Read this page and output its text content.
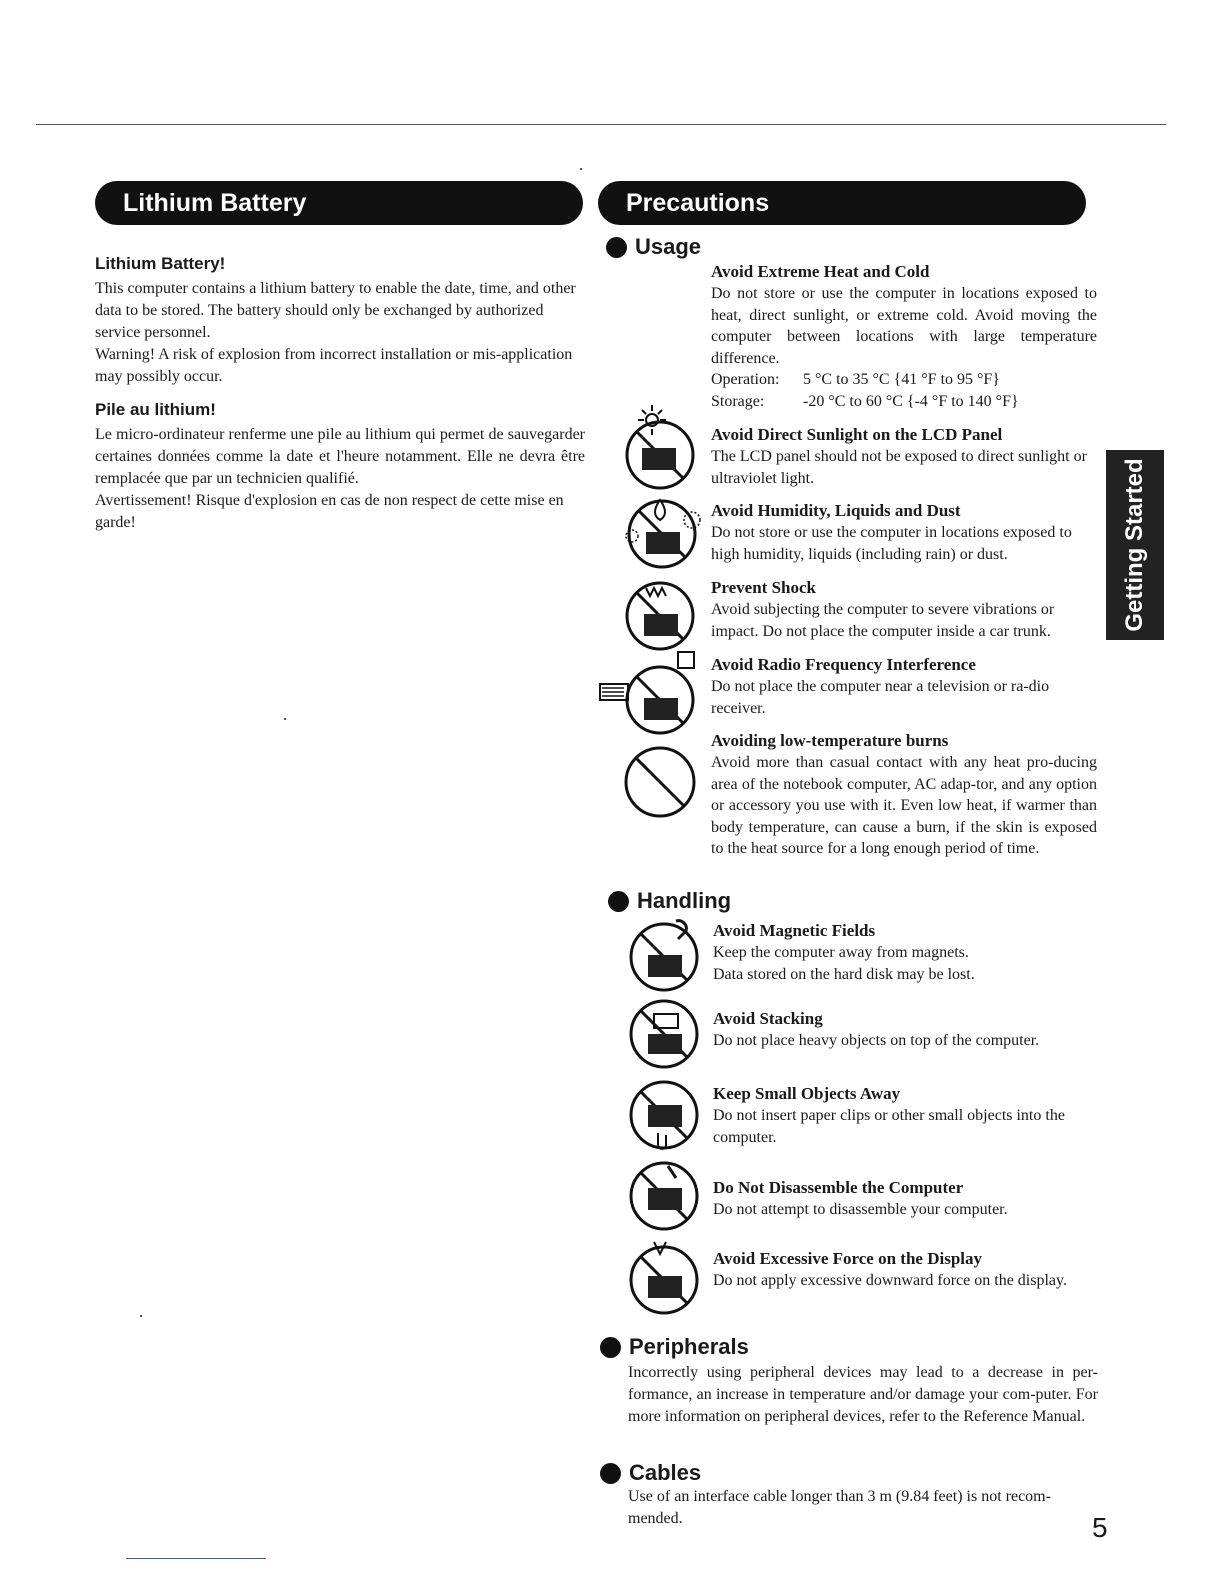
Lithium Battery
Lithium Battery!

This computer contains a lithium battery to enable the date, time, and other data to be stored. The battery should only be exchanged by authorized service personnel.

Warning! A risk of explosion from incorrect installation or mis-application may possibly occur.

Pile au lithium!

Le micro-ordinateur renferme une pile au lithium qui permet de sauvegarder certaines données comme la date et l'heure notamment. Elle ne devra être remplacée que par un technicien qualifié.

Avertissement! Risque d'explosion en cas de non respect de cette mise en garde!

Precautions
Usage

Avoid Extreme Heat and Cold

Do not store or use the computer in locations exposed to heat, direct sunlight, or extreme cold. Avoid moving the computer between locations with large temperature difference.

Operation: 5 °C to 35 °C {41 °F to 95 °F}

Storage: -20 °C to 60 °C {-4 °F to 140 °F}

Avoid Direct Sunlight on the LCD Panel

The LCD panel should not be exposed to direct sunlight or ultraviolet light.

Avoid Humidity, Liquids and Dust

Do not store or use the computer in locations exposed to high humidity, liquids (including rain) or dust.

Prevent Shock

Avoid subjecting the computer to severe vibrations or impact. Do not place the computer inside a car trunk.

Avoid Radio Frequency Interference

Do not place the computer near a television or ra-dio receiver.

Avoiding low-temperature burns

Avoid more than casual contact with any heat pro-ducing area of the notebook computer, AC adap-tor, and any option or accessory you use with it. Even low heat, if warmer than body temperature, can cause a burn, if the skin is exposed to the heat source for a long enough period of time.

Handling

Avoid Magnetic Fields

Keep the computer away from magnets.

Data stored on the hard disk may be lost.

Avoid Stacking

Do not place heavy objects on top of the computer.

Keep Small Objects Away

Do not insert paper clips or other small objects into the computer.

Do Not Disassemble the Computer

Do not attempt to disassemble your computer.

Avoid Excessive Force on the Display

Do not apply excessive downward force on the display.

Peripherals

Incorrectly using peripheral devices may lead to a decrease in per-formance, an increase in temperature and/or damage your com-puter. For more information on peripheral devices, refer to the Reference Manual.

Cables

Use of an interface cable longer than 3 m (9.84 feet) is not recom-mended.

Getting Started
5
